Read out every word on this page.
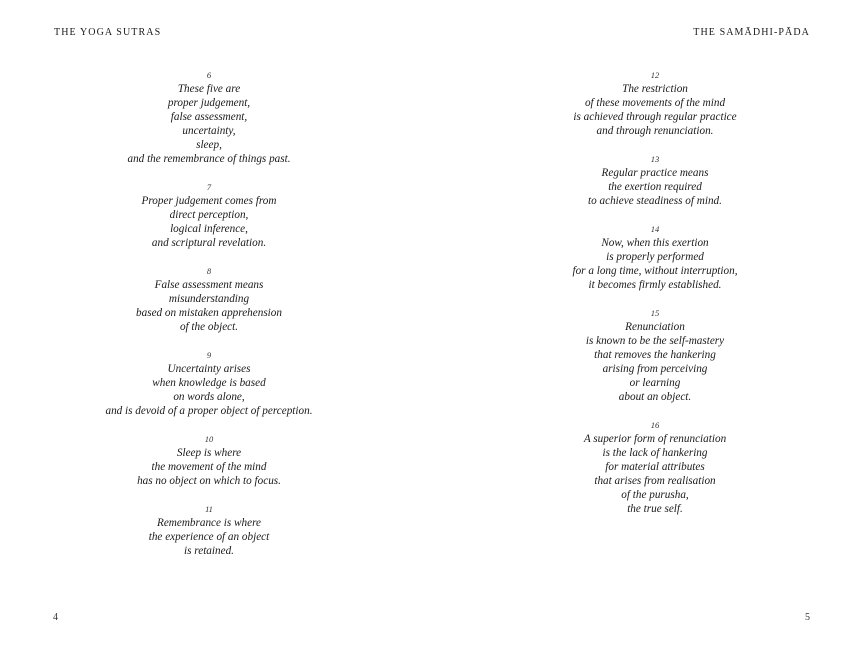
THE YOGA SUTRAS
6
These five are
proper judgement,
false assessment,
uncertainty,
sleep,
and the remembrance of things past.
7
Proper judgement comes from
direct perception,
logical inference,
and scriptural revelation.
8
False assessment means
misunderstanding
based on mistaken apprehension
of the object.
9
Uncertainty arises
when knowledge is based
on words alone,
and is devoid of a proper object of perception.
10
Sleep is where
the movement of the mind
has no object on which to focus.
11
Remembrance is where
the experience of an object
is retained.
4
THE SAMĀDHI-PĀDA
12
The restriction
of these movements of the mind
is achieved through regular practice
and through renunciation.
13
Regular practice means
the exertion required
to achieve steadiness of mind.
14
Now, when this exertion
is properly performed
for a long time, without interruption,
it becomes firmly established.
15
Renunciation
is known to be the self-mastery
that removes the hankering
arising from perceiving
or learning
about an object.
16
A superior form of renunciation
is the lack of hankering
for material attributes
that arises from realisation
of the purusha,
the true self.
5
